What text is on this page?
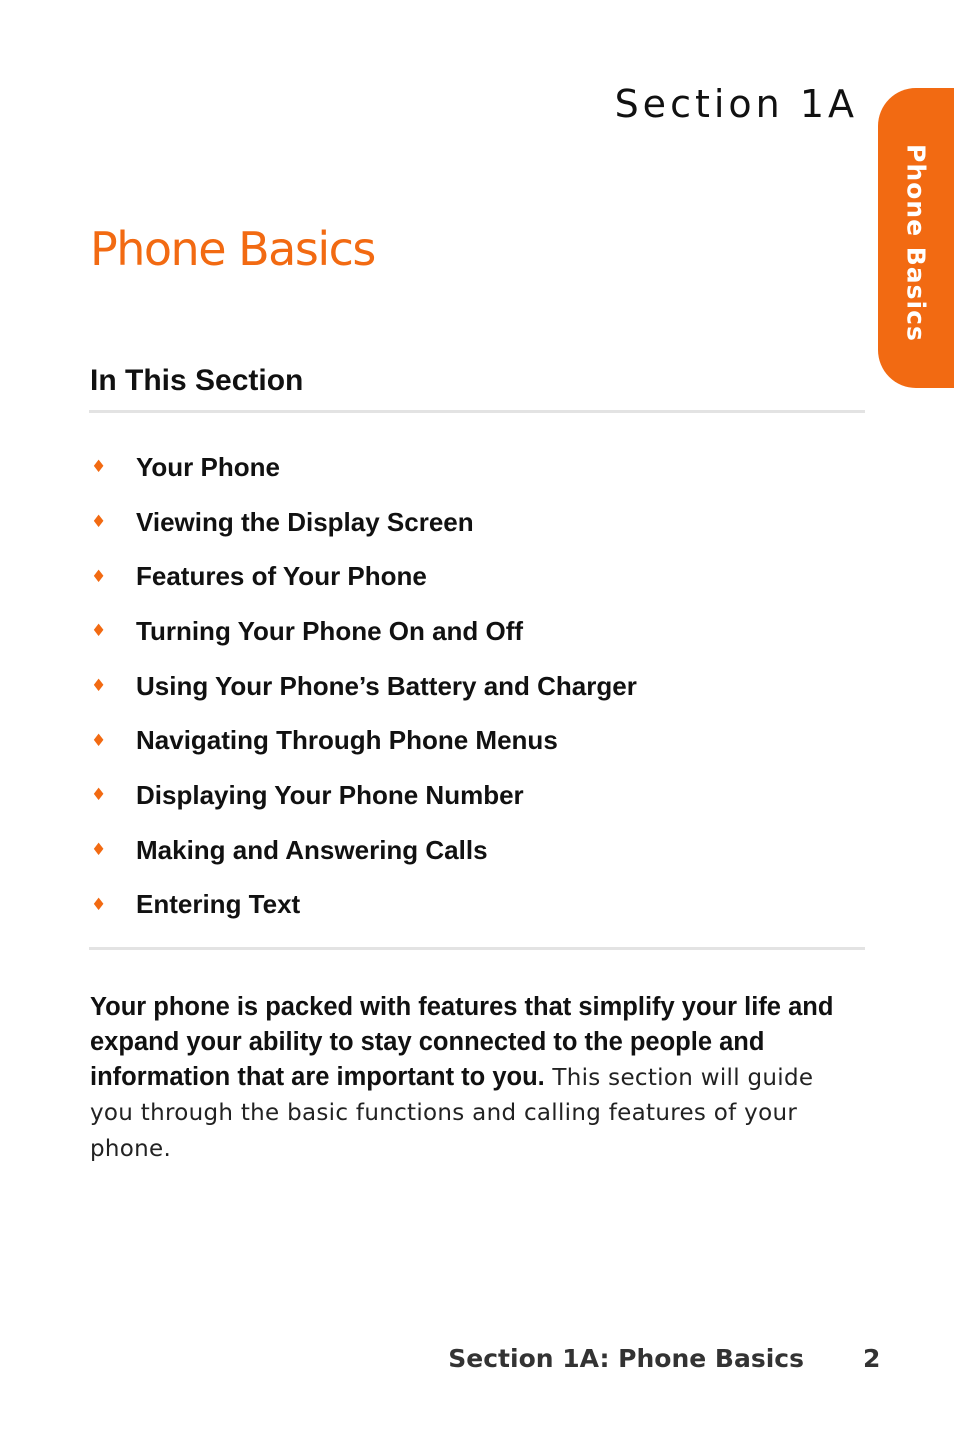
Section 1A
Phone Basics
Phone Basics
In This Section
♦	Your Phone
♦	Viewing the Display Screen
♦	Features of Your Phone
♦	Turning Your Phone On and Off
♦	Using Your Phone’s Battery and Charger
♦	Navigating Through Phone Menus
♦	Displaying Your Phone Number
♦	Making and Answering Calls
♦	Entering Text

Your phone is packed with features that simplify your life and expand your ability to stay connected to the people and information that are important to you. This section will guide you through the basic functions and calling features of your phone.

Section 1A: Phone Basics 2
